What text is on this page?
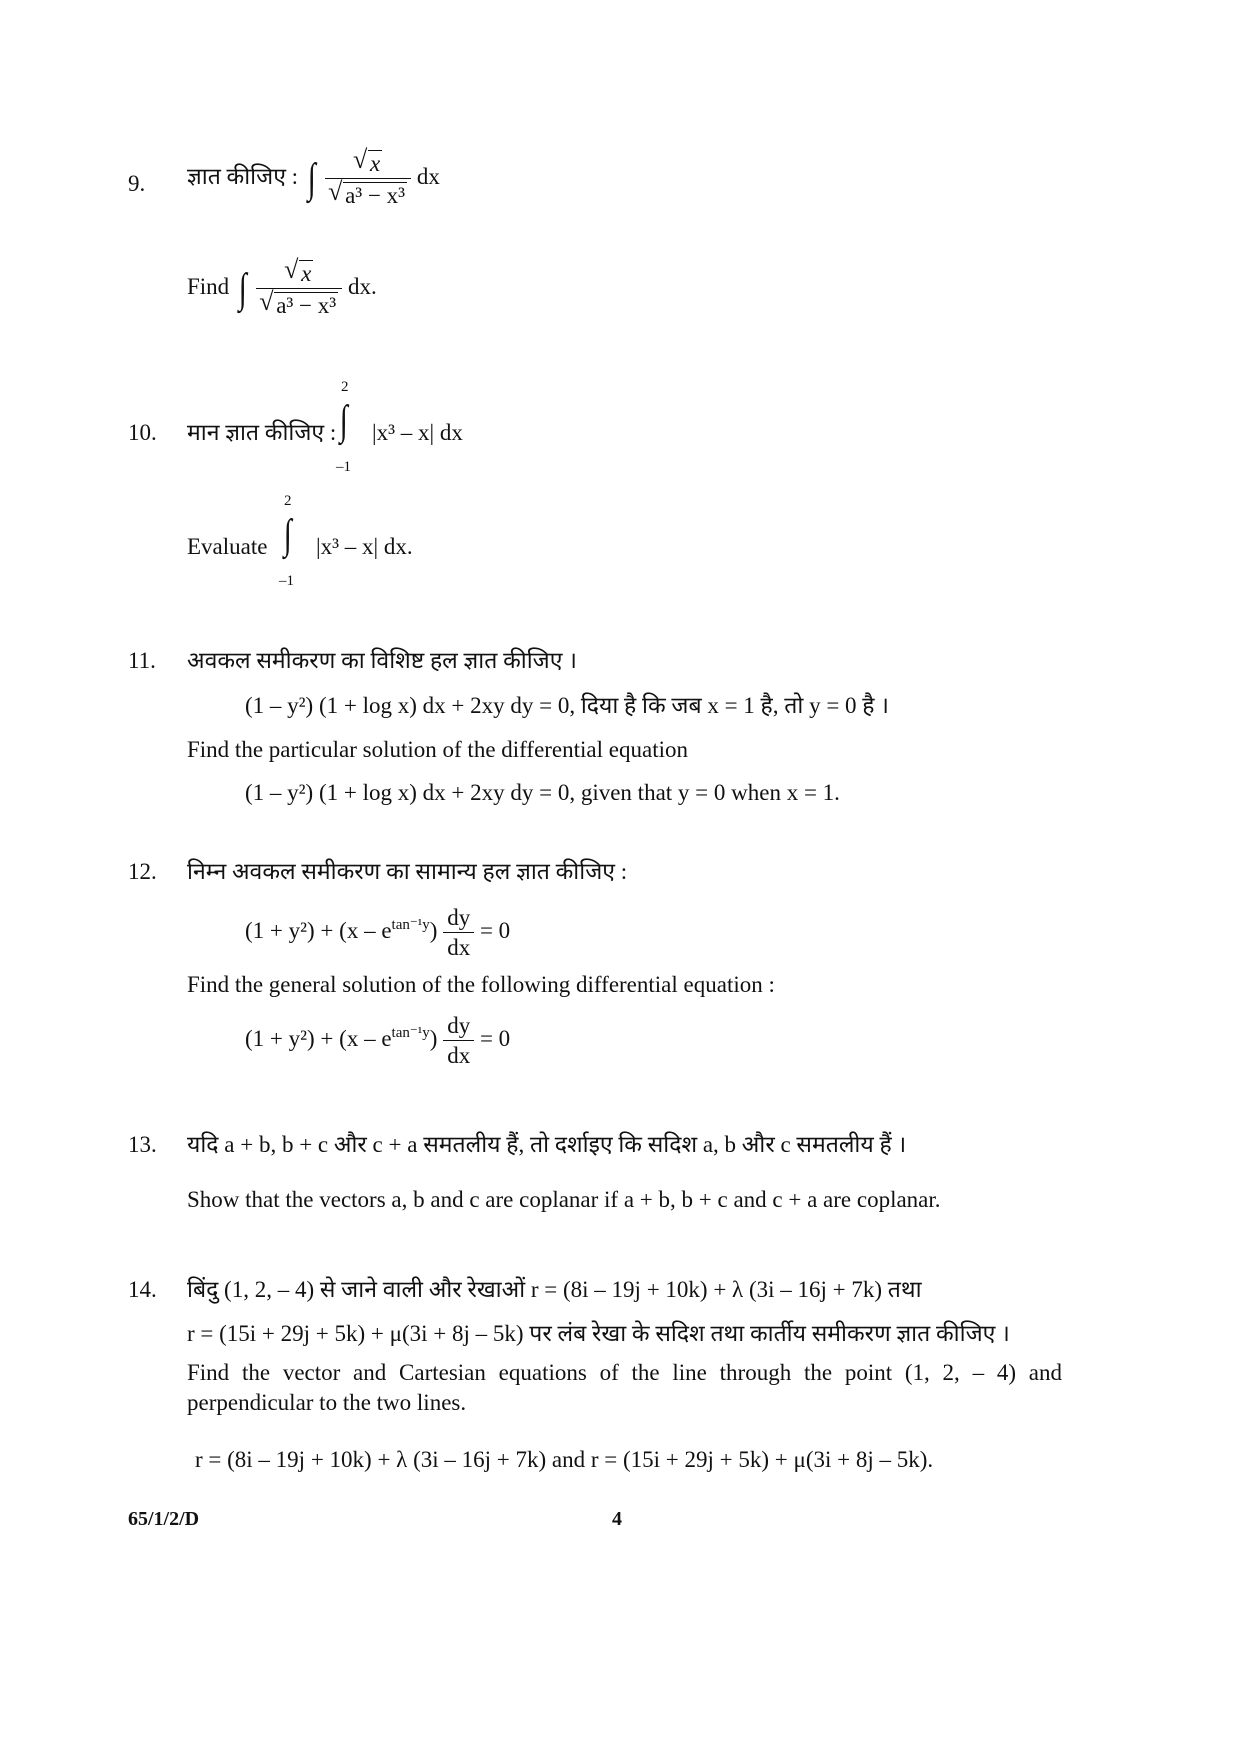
9. ज्ञात कीजिए : ∫ √ x
√ a³ − x³ dx
Find ∫ √ x
√ a³ − x³ dx.
10. मान ज्ञात कीजिए :
2
∫
–1
|x³ – x| dx
Evaluate
2
∫
–1
|x³ – x| dx.
11. अवकल समीकरण का विशिष्ट हल ज्ञात कीजिए ।
(1 – y²) (1 + log x) dx + 2xy dy = 0, दिया है कि जब x = 1 है, तो y = 0 है ।
Find the particular solution of the differential equation
(1 – y²) (1 + log x) dx + 2xy dy = 0, given that y = 0 when x = 1.
12. निम्न अवकल समीकरण का सामान्य हल ज्ञात कीजिए :
$(1 + y^2) + (x - e^{tan^{-1}y}) \frac{dy}{dx} = 0$
Find the general solution of the following differential equation :
$(1 + y^2) + (x - e^{tan^{-1}y}) \frac{dy}{dx} = 0$
13. यदि a + b, b + c और c + a समतलीय हैं, तो दर्शाइए कि सदिश a, b और c समतलीय हैं ।
Show that the vectors a, b and c are coplanar if a + b, b + c and c + a are coplanar.
14. बिंदु (1, 2, – 4) से जाने वाली और रेखाओं r = (8i – 19j + 10k) + λ (3i – 16j + 7k) तथा
r = (15i + 29j + 5k) + μ(3i + 8j – 5k) पर लंब रेखा के सदिश तथा कार्तीय समीकरण ज्ञात कीजिए ।
Find the vector and Cartesian equations of the line through the point (1, 2, – 4) and perpendicular to the two lines.
r = (8i – 19j + 10k) + λ (3i – 16j + 7k) and r = (15i + 29j + 5k) + μ(3i + 8j – 5k).
65/1/2/D	4
